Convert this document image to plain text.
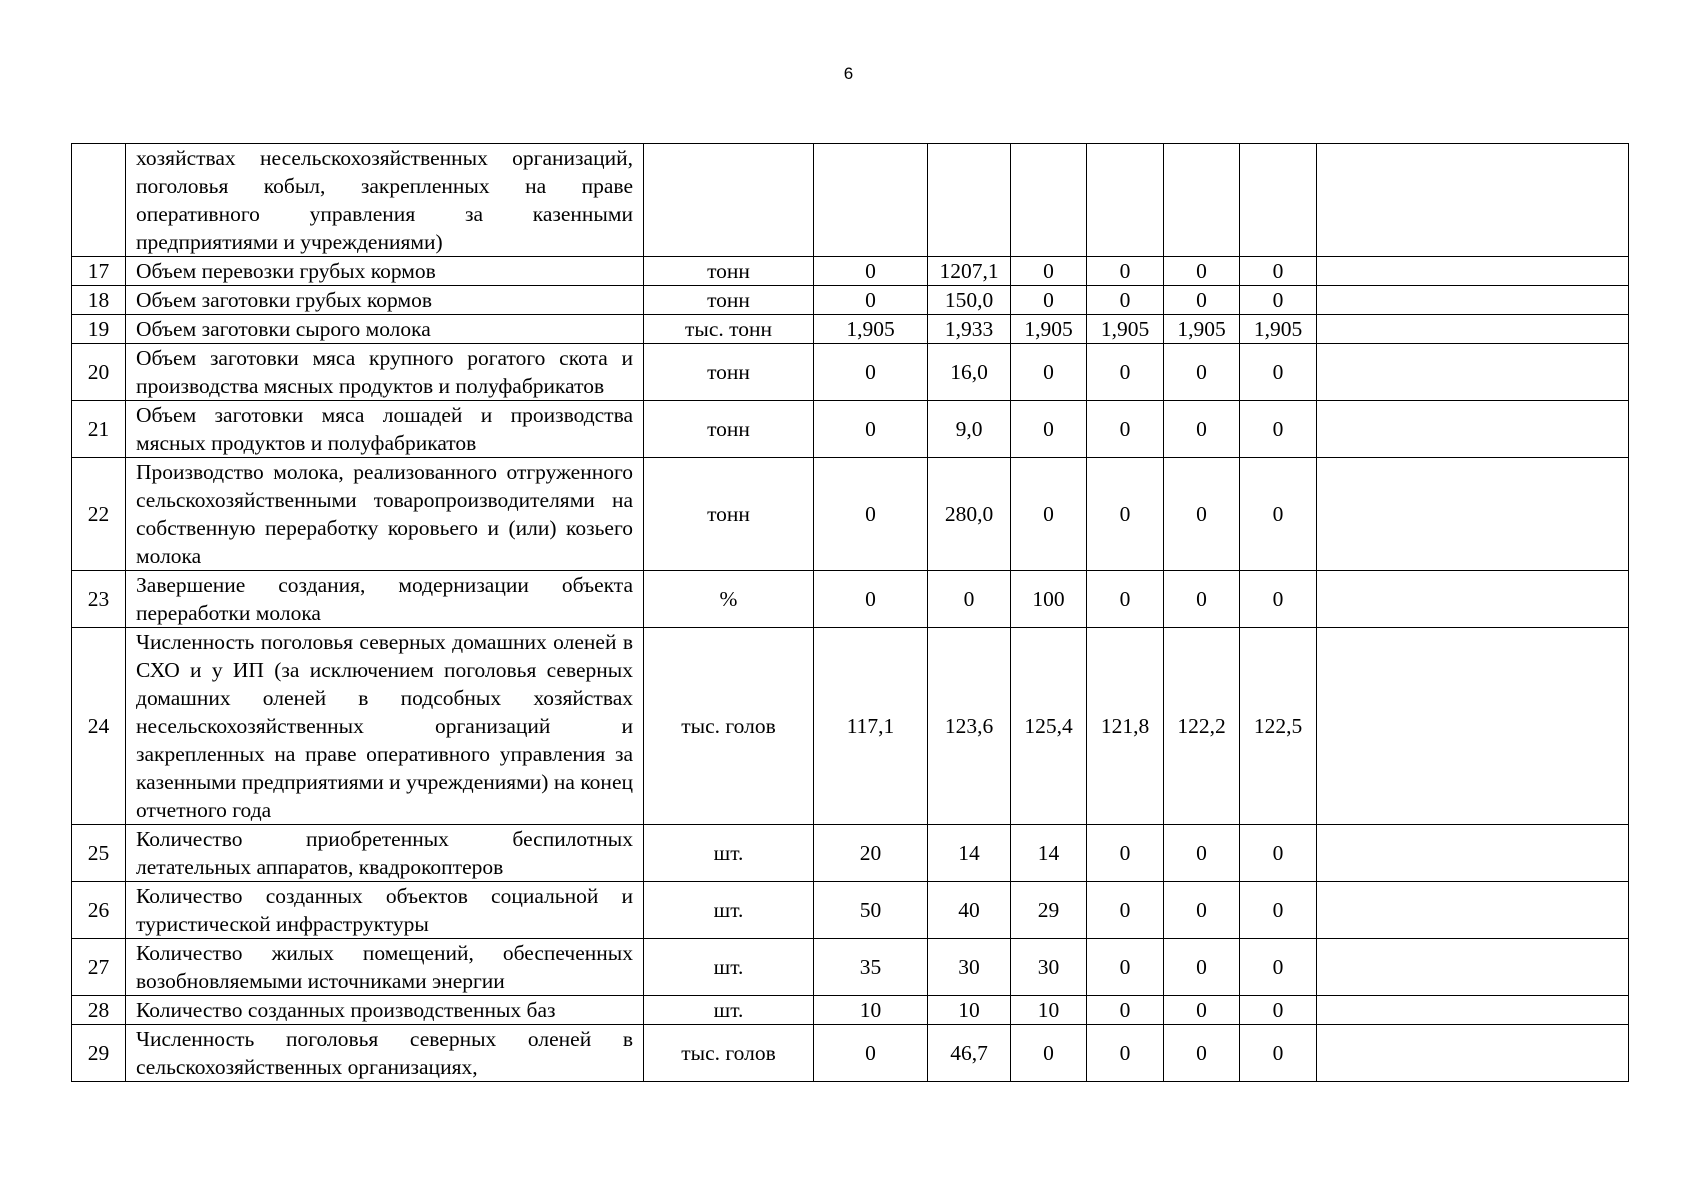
6
	хозяйствах несельскохозяйственных организаций, поголовья кобыл, закрепленных на праве оперативного управления за казенными предприятиями и учреждениями)								
17	Объем перевозки грубых кормов	тонн	0	1207,1	0	0	0	0	
18	Объем заготовки грубых кормов	тонн	0	150,0	0	0	0	0	
19	Объем заготовки сырого молока	тыс. тонн	1,905	1,933	1,905	1,905	1,905	1,905	
20	Объем заготовки мяса крупного рогатого скота и производства мясных продуктов и полуфабрикатов	тонн	0	16,0	0	0	0	0	
21	Объем заготовки мяса лошадей и производства мясных продуктов и полуфабрикатов	тонн	0	9,0	0	0	0	0	
22	Производство молока, реализованного отгруженного сельскохозяйственными товаропроизводителями на собственную переработку коровьего и (или) козьего молока	тонн	0	280,0	0	0	0	0	
23	Завершение создания, модернизации объекта переработки молока	%	0	0	100	0	0	0	
24	Численность поголовья северных домашних оленей в СХО и у ИП (за исключением поголовья северных домашних оленей в подсобных хозяйствах несельскохозяйственных организаций и закрепленных на праве оперативного управления за казенными предприятиями и учреждениями) на конец отчетного года	тыс. голов	117,1	123,6	125,4	121,8	122,2	122,5	
25	Количество приобретенных беспилотных летательных аппаратов, квадрокоптеров	шт.	20	14	14	0	0	0	
26	Количество созданных объектов социальной и туристической инфраструктуры	шт.	50	40	29	0	0	0	
27	Количество жилых помещений, обеспеченных возобновляемыми источниками энергии	шт.	35	30	30	0	0	0	
28	Количество созданных производственных баз	шт.	10	10	10	0	0	0	
29	Численность поголовья северных оленей в сельскохозяйственных организациях,	тыс. голов	0	46,7	0	0	0	0	
